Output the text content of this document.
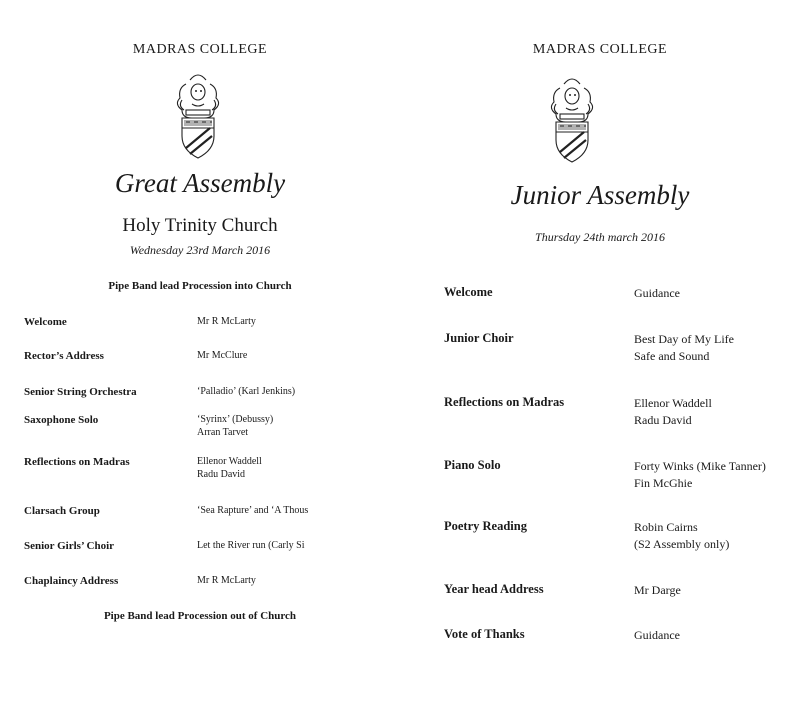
MADRAS COLLEGE
Great Assembly
Holy Trinity Church
Wednesday 23rd March 2016
Pipe Band lead Procession into Church
Welcome	Mr R McLarty
Rector’s Address	Mr McClure
Senior String Orchestra	‘Palladio’ (Karl Jenkins)
Saxophone Solo	‘Syrinx’ (Debussy)
Arran Tarvet
Reflections on Madras	Ellenor Waddell
Radu David
Clarsach Group	‘Sea Rapture’ and ‘A Thous
Senior Girls’ Choir	Let the River run (Carly Si
Chaplaincy Address	Mr R McLarty
Pipe Band lead Procession out of Church
MADRAS COLLEGE
Junior Assembly
Thursday 24th march 2016
Welcome	Guidance
Junior Choir	Best Day of My Life
Safe and Sound
Reflections on Madras	Ellenor Waddell
Radu David
Piano Solo	Forty Winks (Mike Tanner)
Fin McGhie
Poetry Reading	Robin Cairns
(S2 Assembly only)
Year head Address	Mr Darge
Vote of Thanks	Guidance
